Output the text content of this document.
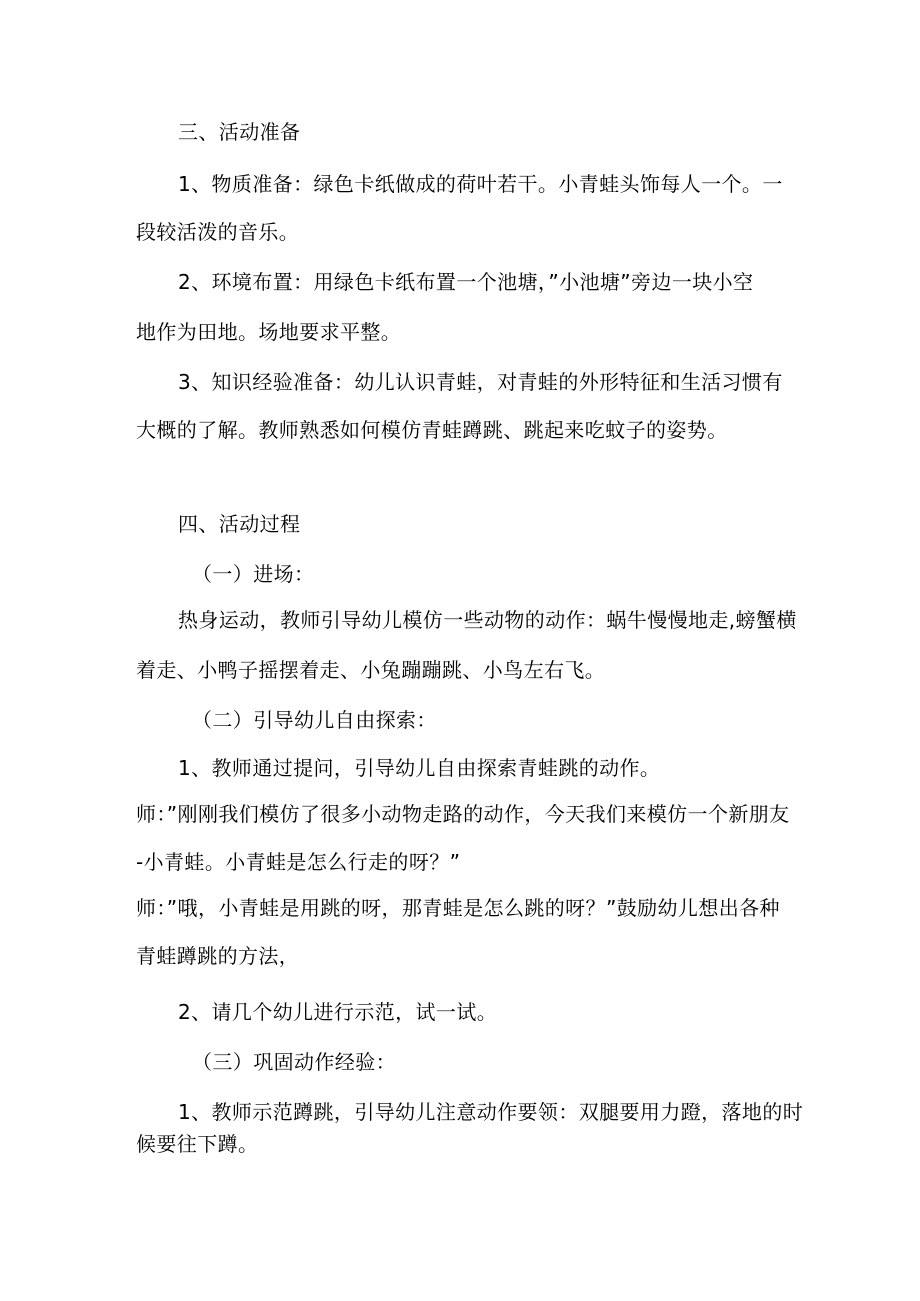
三、活动准备
1、物质准备：绿色卡纸做成的荷叶若干。小青蛙头饰每人一个。一
段较活泼的音乐。
2、环境布置：用绿色卡纸布置一个池塘，”小池塘”旁边一块小空
地作为田地。场地要求平整。
3、知识经验准备：幼儿认识青蛙，对青蛙的外形特征和生活习惯有
大概的了解。教师熟悉如何模仿青蛙蹲跳、跳起来吃蚊子的姿势。
四、活动过程
（一）进场：
热身运动，教师引导幼儿模仿一些动物的动作：蜗牛慢慢地走,螃蟹横
着走、小鸭子摇摆着走、小兔蹦蹦跳、小鸟左右飞。
（二）引导幼儿自由探索：
1、教师通过提问，引导幼儿自由探索青蛙跳的动作。
师：”刚刚我们模仿了很多小动物走路的动作，今天我们来模仿一个新朋友
-小青蛙。小青蛙是怎么行走的呀？”
师：”哦，小青蛙是用跳的呀，那青蛙是怎么跳的呀？”鼓励幼儿想出各种
青蛙蹲跳的方法，
2、请几个幼儿进行示范，试一试。
（三）巩固动作经验：
1、教师示范蹲跳，引导幼儿注意动作要领：双腿要用力蹬，落地的时
候要往下蹲。
